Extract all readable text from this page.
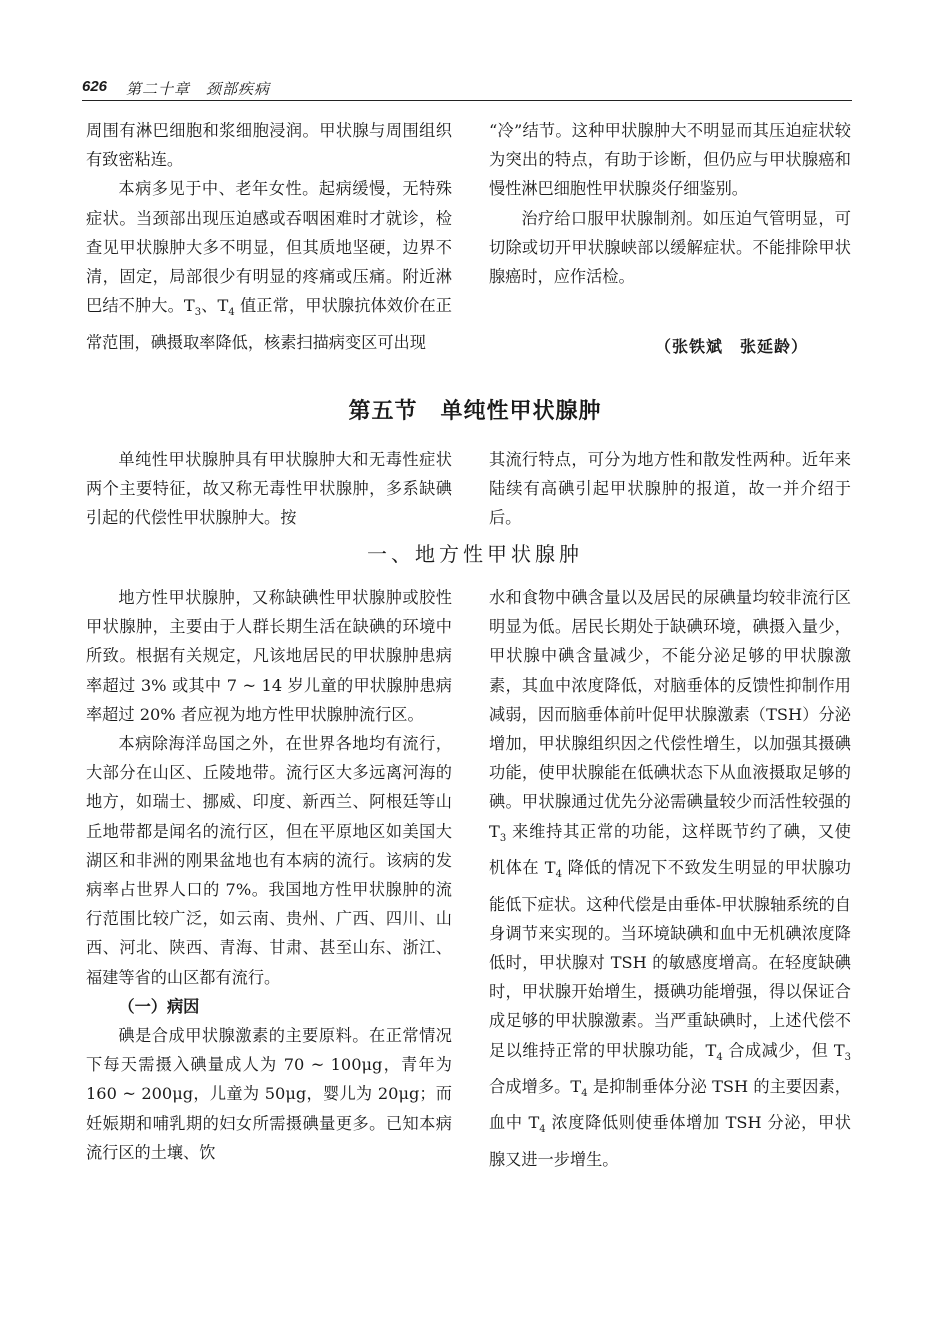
626 第二十章　颈部疾病

周围有淋巴细胞和浆细胞浸润。甲状腺与周围组织有致密粘连。

本病多见于中、老年女性。起病缓慢，无特殊症状。当颈部出现压迫感或吞咽困难时才就诊，检查见甲状腺肿大多不明显，但其质地坚硬，边界不清，固定，局部很少有明显的疼痛或压痛。附近淋巴结不肿大。$T_3$、$T_4$ 值正常，甲状腺抗体效价在正常范围，碘摄取率降低，核素扫描病变区可出现

“冷”结节。这种甲状腺肿大不明显而其压迫症状较为突出的特点，有助于诊断，但仍应与甲状腺癌和慢性淋巴细胞性甲状腺炎仔细鉴别。

治疗给口服甲状腺制剂。如压迫气管明显，可切除或切开甲状腺峡部以缓解症状。不能排除甲状腺癌时，应作活检。

（张铁斌　张延龄）
第五节　单纯性甲状腺肿

单纯性甲状腺肿具有甲状腺肿大和无毒性症状两个主要特征，故又称无毒性甲状腺肿，多系缺碘引起的代偿性甲状腺肿大。按

其流行特点，可分为地方性和散发性两种。近年来陆续有高碘引起甲状腺肿的报道，故一并介绍于后。

一、地方性甲状腺肿

地方性甲状腺肿，又称缺碘性甲状腺肿或胶性甲状腺肿，主要由于人群长期生活在缺碘的环境中所致。根据有关规定，凡该地居民的甲状腺肿患病率超过 3% 或其中 7 ~ 14 岁儿童的甲状腺肿患病率超过 20% 者应视为地方性甲状腺肿流行区。

本病除海洋岛国之外，在世界各地均有流行，大部分在山区、丘陵地带。流行区大多远离河海的地方，如瑞士、挪威、印度、新西兰、阿根廷等山丘地带都是闻名的流行区，但在平原地区如美国大湖区和非洲的刚果盆地也有本病的流行。该病的发病率占世界人口的 7%。我国地方性甲状腺肿的流行范围比较广泛，如云南、贵州、广西、四川、山西、河北、陕西、青海、甘肃、甚至山东、浙江、福建等省的山区都有流行。

（一）病因

碘是合成甲状腺激素的主要原料。在正常情况下每天需摄入碘量成人为 70 ~ 100μg，青年为 160 ~ 200μg，儿童为 50μg，婴儿为 20μg；而妊娠期和哺乳期的妇女所需摄碘量更多。已知本病流行区的土壤、饮

水和食物中碘含量以及居民的尿碘量均较非流行区明显为低。居民长期处于缺碘环境，碘摄入量少，甲状腺中碘含量减少，不能分泌足够的甲状腺激素，其血中浓度降低，对脑垂体的反馈性抑制作用减弱，因而脑垂体前叶促甲状腺激素（TSH）分泌增加，甲状腺组织因之代偿性增生，以加强其摄碘功能，使甲状腺能在低碘状态下从血液摄取足够的碘。甲状腺通过优先分泌需碘量较少而活性较强的 $T_3$ 来维持其正常的功能，这样既节约了碘，又使机体在 $T_4$ 降低的情况下不致发生明显的甲状腺功能低下症状。这种代偿是由垂体-甲状腺轴系统的自身调节来实现的。当环境缺碘和血中无机碘浓度降低时，甲状腺对 TSH 的敏感度增高。在轻度缺碘时，甲状腺开始增生，摄碘功能增强，得以保证合成足够的甲状腺激素。当严重缺碘时，上述代偿不足以维持正常的甲状腺功能，$T_4$ 合成减少，但 $T_3$ 合成增多。$T_4$ 是抑制垂体分泌 TSH 的主要因素，血中 $T_4$ 浓度降低则使垂体增加 TSH 分泌，甲状腺又进一步增生。
